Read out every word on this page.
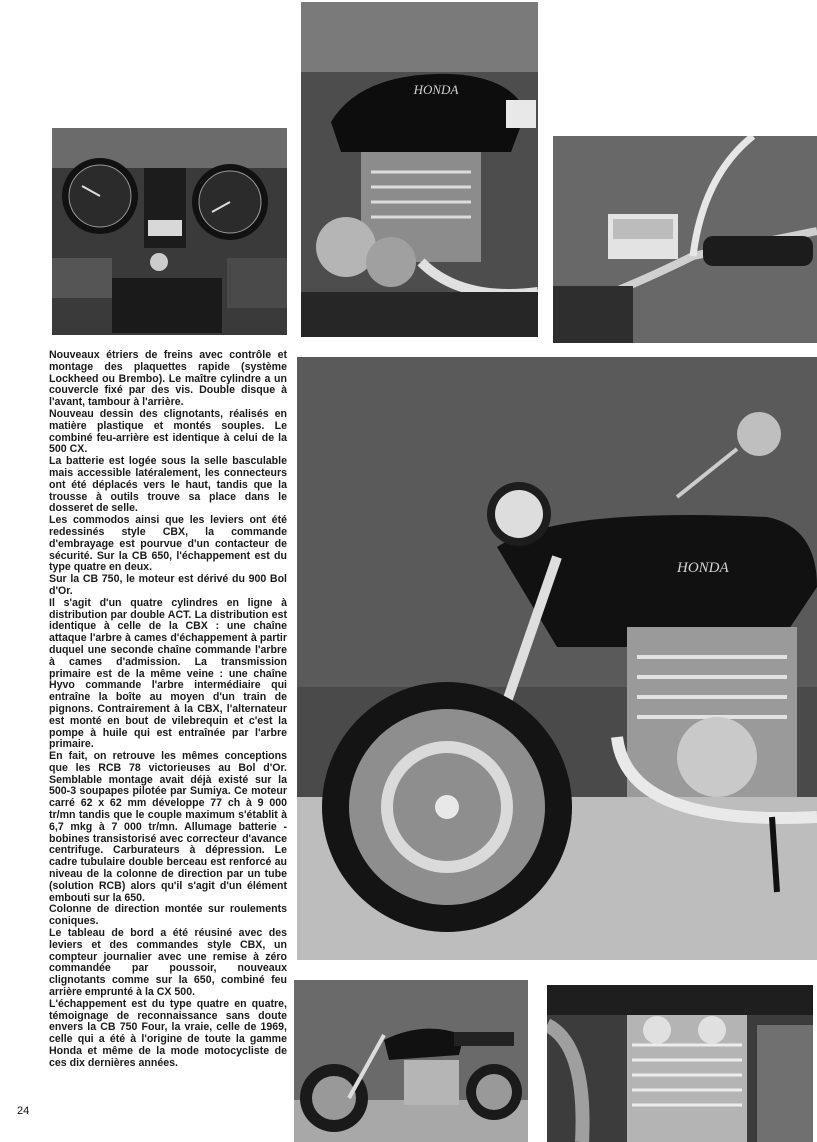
HONDA
HONDA

Nouveaux étriers de freins avec contrôle et montage des plaquettes rapide (système Lockheed ou Brembo). Le maître cylindre a un couvercle fixé par des vis. Double disque à l'avant, tambour à l'arrière.

Nouveau dessin des clignotants, réalisés en matière plastique et montés souples. Le combiné feu-arrière est identique à celui de la 500 CX.

La batterie est logée sous la selle basculable mais accessible latéralement, les connecteurs ont été déplacés vers le haut, tandis que la trousse à outils trouve sa place dans le dosseret de selle.

Les commodos ainsi que les leviers ont été redessinés style CBX, la commande d'embrayage est pourvue d'un contacteur de sécurité. Sur la CB 650, l'échappement est du type quatre en deux.

Sur la CB 750, le moteur est dérivé du 900 Bol d'Or.

Il s'agit d'un quatre cylindres en ligne à distribution par double ACT. La distribution est identique à celle de la CBX : une chaîne attaque l'arbre à cames d'échappement à partir duquel une seconde chaîne commande l'arbre à cames d'admission. La transmission primaire est de la même veine : une chaîne Hyvo commande l'arbre intermédiaire qui entraîne la boîte au moyen d'un train de pignons. Contrairement à la CBX, l'alternateur est monté en bout de vilebrequin et c'est la pompe à huile qui est entraînée par l'arbre primaire.

En fait, on retrouve les mêmes conceptions que les RCB 78 victorieuses au Bol d'Or. Semblable montage avait déjà existé sur la 500-3 soupapes pilotée par Sumiya. Ce moteur carré 62 x 62 mm développe 77 ch à 9 000 tr/mn tandis que le couple maximum s'établit à 6,7 mkg à 7 000 tr/mn. Allumage batterie - bobines transistorisé avec correcteur d'avance centrifuge. Carburateurs à dépression. Le cadre tubulaire double berceau est renforcé au niveau de la colonne de direction par un tube (solution RCB) alors qu'il s'agit d'un élément embouti sur la 650.

Colonne de direction montée sur roulements coniques.

Le tableau de bord a été réusiné avec des leviers et des commandes style CBX, un compteur journalier avec une remise à zéro commandée par poussoir, nouveaux clignotants comme sur la 650, combiné feu arrière emprunté à la CX 500.

L'échappement est du type quatre en quatre, témoignage de reconnaissance sans doute envers la CB 750 Four, la vraie, celle de 1969, celle qui a été à l'origine de toute la gamme Honda et même de la mode motocycliste de ces dix dernières années.

24
